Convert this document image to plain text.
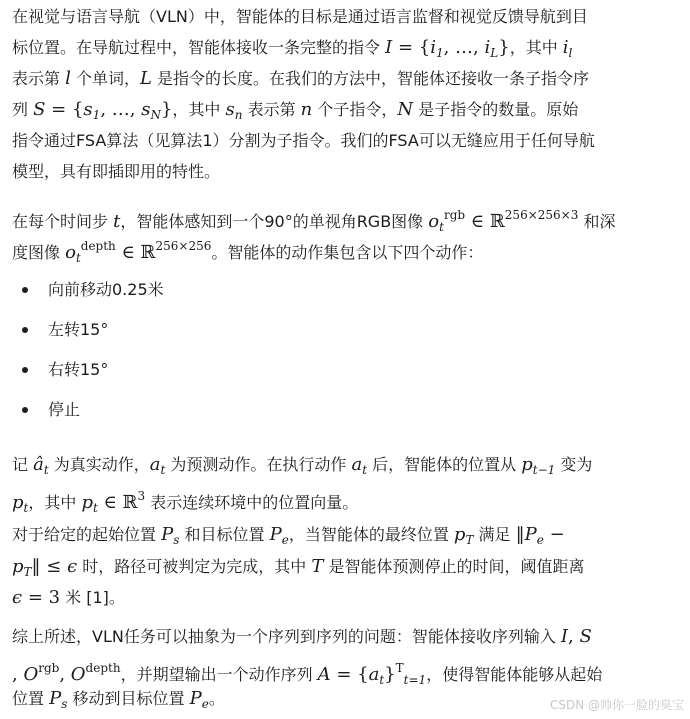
向前移动0.25米
左转15°
右转15°
停止
CSDN @帅你一脸的臭宝
在视觉与语言导航（VLN）中，智能体的目标是通过语言监督和视觉反馈导航到目
标位置。在导航过程中，智能体接收一条完整的指令 $I = \{i_1$, …, $i_L$}，其中 $i_l$
表示第 l 个单词，L 是指令的长度。在我们的方法中，智能体还接收一条子指令序
列 $S = \{s_1$, …, $s_N$}，其中 $s_n$ 表示第 n 个子指令，N 是子指令的数量。原始
指令通过FSA算法（见算法1）分割为子指令。我们的FSA可以无缝应用于任何导航
模型，具有即插即用的特性。
在每个时间步 t，智能体感知到一个90°的单视角RGB图像 $o_t^{rgb}$ ∈ ℝ$^{256\times 256\times 3}$ 和深
度图像 $o_t^{depth}$ ∈ ℝ$^{256\times 256}$。智能体的动作集包含以下四个动作：
记 $â_t$ 为真实动作，$a_t$ 为预测动作。在执行动作 $a_t$ 后，智能体的位置从 $p_{t-1}$ 变为
$p_t$，其中 $p_t$ ∈ ℝ$^3$ 表示连续环境中的位置向量。
对于给定的起始位置 $P_s$ 和目标位置 $P_e$，当智能体的最终位置 $p_T$ 满足 $‖P_e$ −
$p_T‖ \le \epsilon$ 时，路径可被判定为完成，其中 T 是智能体预测停止的时间，阈值距离
ϵ = 3 米 [1]。
综上所述，VLN任务可以抽象为一个序列到序列的问题：智能体接收序列输入 I, S
, $O^{rgb}$, $O^{depth}$，并期望输出一个动作序列 $A = \{a_t\}^T_{t=1}$，使得智能体能够从起始
位置 $P_s$ 移动到目标位置 $P_e$。
